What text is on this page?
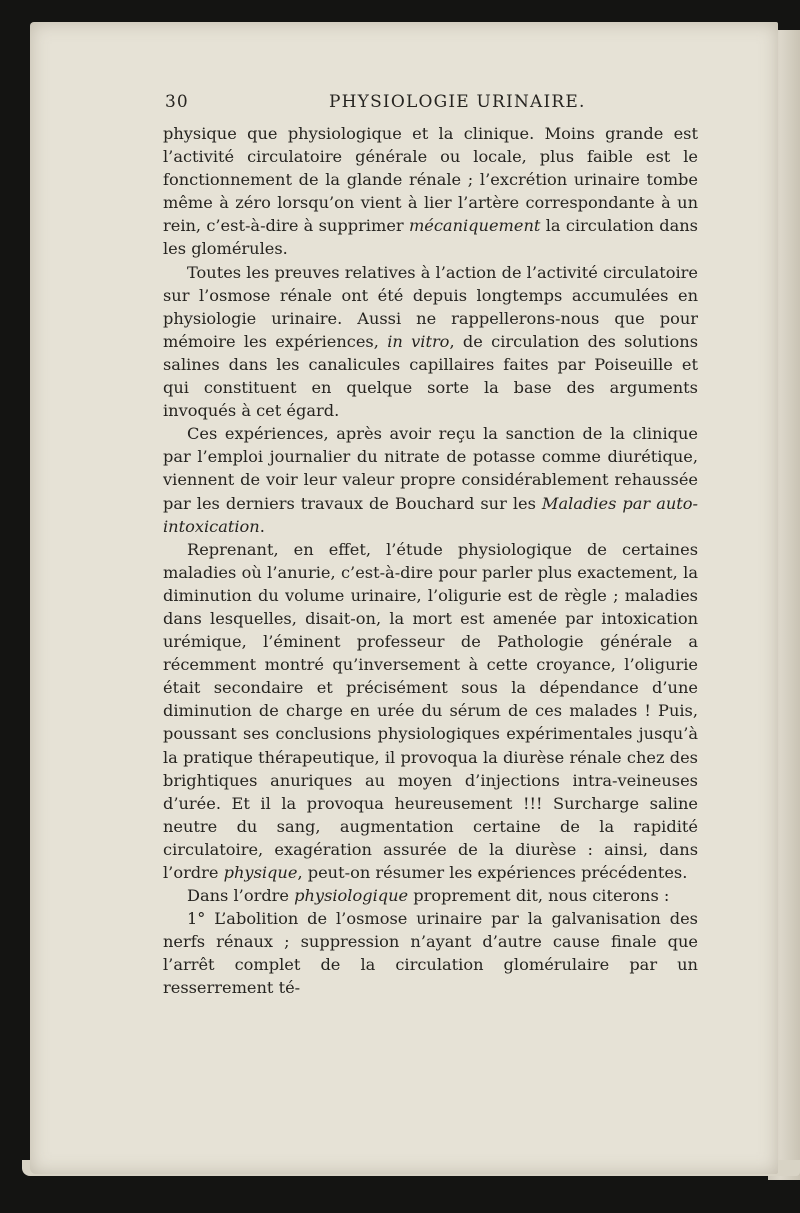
30	PHYSIOLOGIE URINAIRE.

physique que physiologique et la clinique. Moins grande est l’activité circulatoire générale ou locale, plus faible est le fonctionnement de la glande rénale ; l’excrétion urinaire tombe même à zéro lorsqu’on vient à lier l’artère correspondante à un rein, c’est-à-dire à supprimer mécaniquement la circulation dans les glomérules.

Toutes les preuves relatives à l’action de l’activité circulatoire sur l’osmose rénale ont été depuis longtemps accumulées en physiologie urinaire. Aussi ne rappellerons-nous que pour mémoire les expériences, in vitro, de circulation des solutions salines dans les canalicules capillaires faites par Poiseuille et qui constituent en quelque sorte la base des arguments invoqués à cet égard.

Ces expériences, après avoir reçu la sanction de la clinique par l’emploi journalier du nitrate de potasse comme diurétique, viennent de voir leur valeur propre considérablement rehaussée par les derniers travaux de Bouchard sur les Maladies par auto-intoxication.

Reprenant, en effet, l’étude physiologique de certaines maladies où l’anurie, c’est-à-dire pour parler plus exactement, la diminution du volume urinaire, l’oligurie est de règle ; maladies dans lesquelles, disait-on, la mort est amenée par intoxication urémique, l’éminent professeur de Pathologie générale a récemment montré qu’inversement à cette croyance, l’oligurie était secondaire et précisément sous la dépendance d’une diminution de charge en urée du sérum de ces malades ! Puis, poussant ses conclusions physiologiques expérimentales jusqu’à la pratique thérapeutique, il provoqua la diurèse rénale chez des brightiques anuriques au moyen d’injections intra-veineuses d’urée. Et il la provoqua heureusement !!! Surcharge saline neutre du sang, augmentation certaine de la rapidité circulatoire, exagération assurée de la diurèse : ainsi, dans l’ordre physique, peut-on résumer les expériences précédentes.

Dans l’ordre physiologique proprement dit, nous citerons :

1° L’abolition de l’osmose urinaire par la galvanisation des nerfs rénaux ; suppression n’ayant d’autre cause finale que l’arrêt complet de la circulation glomérulaire par un resserrement té-
